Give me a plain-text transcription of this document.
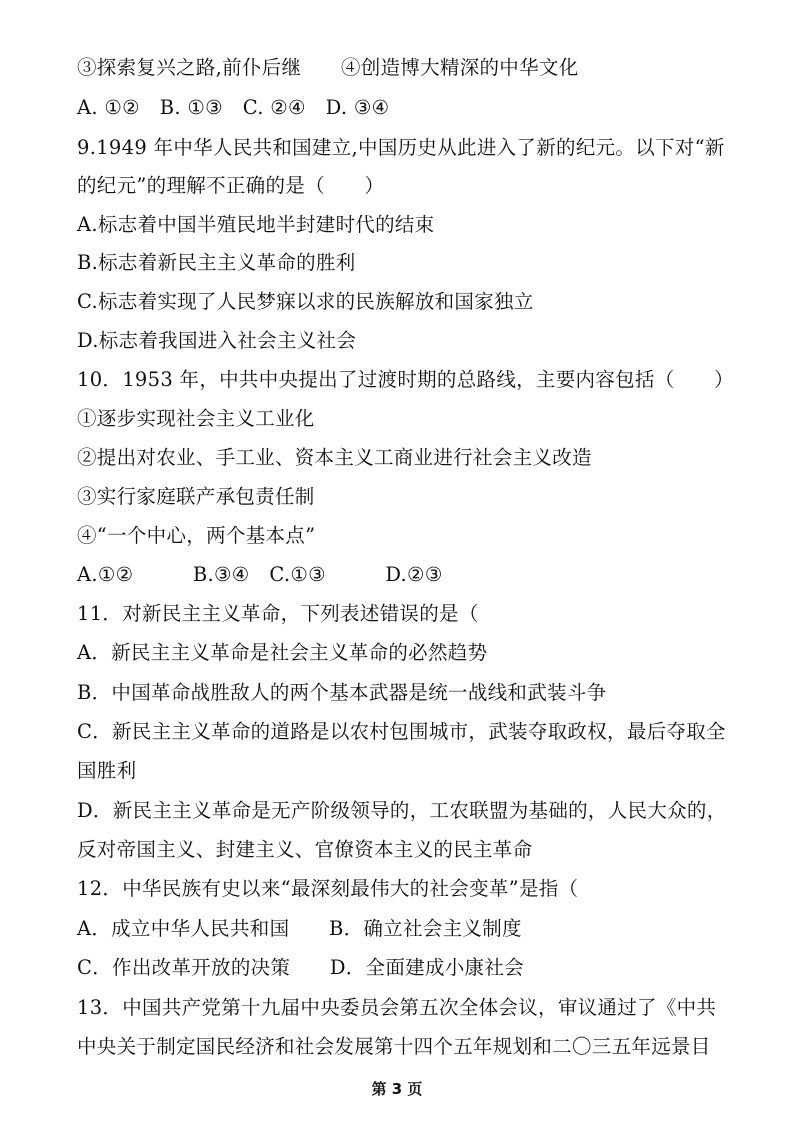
③探索复兴之路,前仆后继　　④创造博大精深的中华文化
A. ①②　B. ①③　C. ②④　D. ③④
9.1949 年中华人民共和国建立,中国历史从此进入了新的纪元。以下对“新
的纪元”的理解不正确的是（　　）
A.标志着中国半殖民地半封建时代的结束
B.标志着新民主主义革命的胜利
C.标志着实现了人民梦寐以求的民族解放和国家独立
D.标志着我国进入社会主义社会
10．1953 年，中共中央提出了过渡时期的总路线，主要内容包括（　　）
①逐步实现社会主义工业化
②提出对农业、手工业、资本主义工商业进行社会主义改造
③实行家庭联产承包责任制
④“一个中心，两个基本点”
A.①②　　　B.③④　C.①③　　　D.②③
11．对新民主主义革命，下列表述错误的是（
A．新民主主义革命是社会主义革命的必然趋势
B．中国革命战胜敌人的两个基本武器是统一战线和武装斗争
C．新民主主义革命的道路是以农村包围城市，武装夺取政权，最后夺取全
国胜利
D．新民主主义革命是无产阶级领导的，工农联盟为基础的，人民大众的，
反对帝国主义、封建主义、官僚资本主义的民主革命
12．中华民族有史以来“最深刻最伟大的社会变革”是指（
A．成立中华人民共和国　　B．确立社会主义制度
C．作出改革开放的决策　　D．全面建成小康社会
13．中国共产党第十九届中央委员会第五次全体会议，审议通过了《中共
中央关于制定国民经济和社会发展第十四个五年规划和二〇三五年远景目
第 3 页
